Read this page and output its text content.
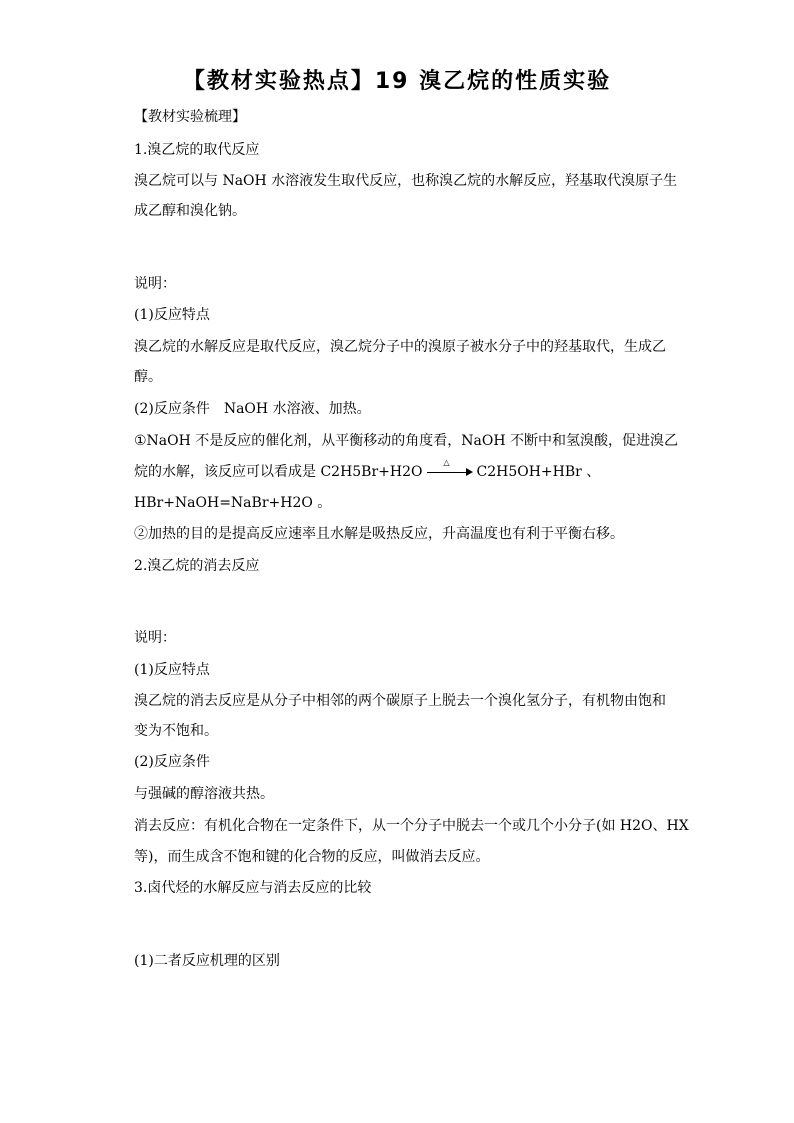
【教材实验热点】19 溴乙烷的性质实验
【教材实验梳理】
1.溴乙烷的取代反应
溴乙烷可以与 NaOH 水溶液发生取代反应，也称溴乙烷的水解反应，羟基取代溴原子生
成乙醇和溴化钠。
说明：
(1)反应特点
溴乙烷的水解反应是取代反应，溴乙烷分子中的溴原子被水分子中的羟基取代，生成乙
醇。
(2)反应条件　NaOH 水溶液、加热。
①NaOH 不是反应的催化剂，从平衡移动的角度看，NaOH 不断中和氢溴酸，促进溴乙
烷的水解，该反应可以看成是 C2H5Br+H2O
△
C2H5OH+HBr 、
HBr+NaOH=NaBr+H2O 。
②加热的目的是提高反应速率且水解是吸热反应，升高温度也有利于平衡右移。
2.溴乙烷的消去反应
说明：
(1)反应特点
溴乙烷的消去反应是从分子中相邻的两个碳原子上脱去一个溴化氢分子，有机物由饱和
变为不饱和。
(2)反应条件
与强碱的醇溶液共热。
消去反应：有机化合物在一定条件下，从一个分子中脱去一个或几个小分子(如 H2O、HX
等)，而生成含不饱和键的化合物的反应，叫做消去反应。
3.卤代烃的水解反应与消去反应的比较
(1)二者反应机理的区别
